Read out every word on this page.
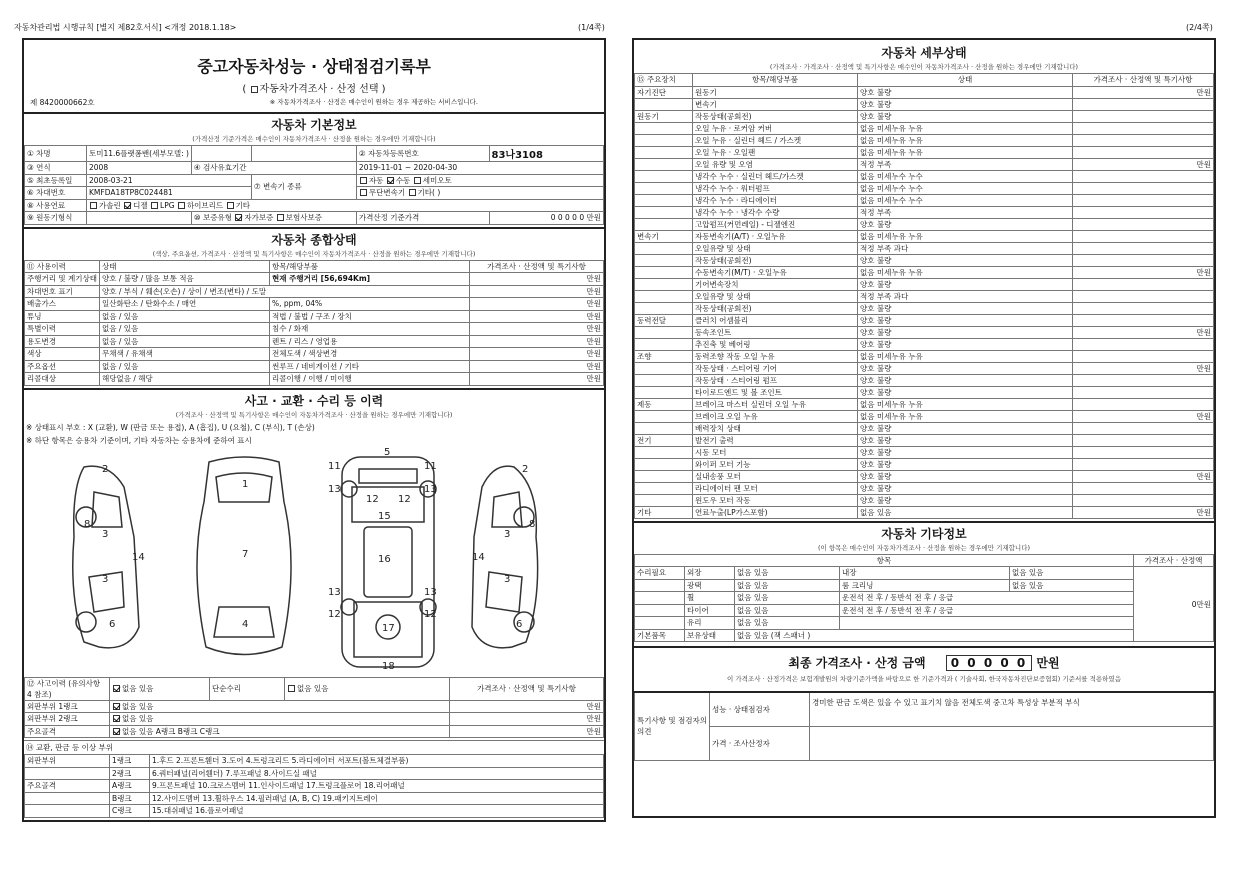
자동차관리법 시행규칙 [별지 제82호서식] <개정 2018.1.18>	(1/4쪽)	(2/4쪽)
중고자동차성능 · 상태점검기록부
( 자동차가격조사 · 산정 선택 )
제 8420000662호	※ 자동차가격조사 · 산정은 매수인이 원하는 경우 제공하는 서비스입니다.
자동차 기본정보
(가격산정 기준가격은 매수인이 자동차가격조사 · 산정을 원하는 경우에만 기재합니다)
① 차명	토미11.6플랫폼밴(세부모델: )			② 자동차등록번호	83나3108
③ 연식	2008	④ 검사유효기간		2019-11-01 ~ 2020-04-30	
⑤ 최초등록일	2008-03-21		⑦ 변속기 종류	자동 수동 세미오토	
⑥ 차대번호	KMFDA18TP8C024481			무단변속기 기타( )	
⑧ 사용연료	가솔린 디젤 LPG 하이브리드 기타				
⑨ 원동기형식		⑩ 보증유형 자가보증 보험사보증		가격산정 기준가격	0 0 0 0 0 만원
자동차 종합상태
(색상, 주요옵션, 가격조사 · 산정액 및 특기사항은 매수인이 자동차가격조사 · 산정을 원하는 경우에만 기재합니다)
⑪ 사용이력	상태	항목/해당부품	가격조사 · 산정액 및 특기사항
주행거리 및 계기상태	양호 / 불량 / 많음 보통 적음	현재 주행거리 [56,694Km]	만원
차대번호 표기	양호 / 부식 / 훼손(오손) / 상이 / 변조(변타) / 도말		만원
배출가스	일산화탄소 / 탄화수소 / 매연	%, ppm, 04%	만원
튜닝	없음 / 있음	적법 / 불법 / 구조 / 장치	만원
특별이력	없음 / 있음	침수 / 화재	만원
용도변경	없음 / 있음	렌트 / 리스 / 영업용	만원
색상	무채색 / 유채색	전체도색 / 색상변경	만원
주요옵션	없음 / 있음	썬루프 / 네비게이션 / 기타	만원
리콜대상	해당없음 / 해당	리콜이행 / 이행 / 미이행	만원
사고 · 교환 · 수리 등 이력
(가격조사 · 산정액 및 특기사항은 매수인이 자동차가격조사 · 산정을 원하는 경우에만 기재합니다)
※ 상태표시 부호 : X (교환), W (판금 또는 용접), A (흠집), U (요철), C (부식), T (손상)
※ 하단 항목은 승용차 기준이며, 기타 자동차는 승용차에 준하여 표시
2
8
3
3
14
6
1
7
4
5
11	11
13	13
12 12
15
16
13	13
12	12
17
18
2
8
3
3
14
6
⑫ 사고이력 (유의사항 4 참조)	없음 있음	단순수리	없음 있음	가격조사 · 산정액 및 특기사항
외판부위 1랭크	없음 있음			만원
외판부위 2랭크	없음 있음			만원
주요골격	없음 있음 A랭크 B랭크 C랭크			만원
⑭ 교환, 판금 등 이상 부위
외판부위	1랭크	1.후드 2.프론트휀더 3.도어 4.트렁크리드 5.라디에이터 서포트(볼트체결부품)
	2랭크	6.쿼터패널(리어휀더) 7.루프패널 8.사이드실 패널
주요골격	A랭크	9.프론트패널 10.크로스멤버 11.인사이드패널 17.트렁크플로어 18.리어패널
	B랭크	12.사이드멤버 13.휠하우스 14.필러패널 (A, B, C) 19.패키지트레이
	C랭크	15.대쉬패널 16.플로어패널
자동차 세부상태
(가격조사 · 가격조사 · 산정액 및 특기사항은 매수인이 자동차가격조사 · 산정을 원하는 경우에만 기재합니다)
⑮ 주요장치	항목/해당부품	상태	가격조사 · 산정액 및 특기사항
자기진단	원동기	양호 불량	만원
	변속기	양호 불량	
원동기	작동상태(공회전)	양호 불량	
	오일 누유 · 로커암 커버	없음 미세누유 누유	
	오일 누유 · 실린더 헤드 / 가스켓	없음 미세누유 누유	
	오일 누유 · 오일팬	없음 미세누유 누유	
	오일 유량 및 오염	적정 부족	만원
	냉각수 누수 · 실린더 헤드/가스켓	없음 미세누수 누수	
	냉각수 누수 · 워터펌프	없음 미세누수 누수	
	냉각수 누수 · 라디에이터	없음 미세누수 누수	
	냉각수 누수 · 냉각수 수량	적정 부족	
	고압펌프(커먼레일) - 디젤엔진	양호 불량	
변속기	자동변속기(A/T) · 오일누유	없음 미세누유 누유	
	오일유량 및 상태	적정 부족 과다	
	작동상태(공회전)	양호 불량	
	수동변속기(M/T) · 오일누유	없음 미세누유 누유	만원
	기어변속장치	양호 불량	
	오일유량 및 상태	적정 부족 과다	
	작동상태(공회전)	양호 불량	
동력전달	클러치 어셈블리	양호 불량	
	등속조인트	양호 불량	만원
	추진축 및 베어링	양호 불량	
조향	동력조향 작동 오일 누유	없음 미세누유 누유	
	작동상태 · 스티어링 기어	양호 불량	만원
	작동상태 · 스티어링 펌프	양호 불량	
	타이로드엔드 및 볼 조인트	양호 불량	
제동	브레이크 마스터 실린더 오일 누유	없음 미세누유 누유	
	브레이크 오일 누유	없음 미세누유 누유	만원
	배력장치 상태	양호 불량	
전기	발전기 출력	양호 불량	
	시동 모터	양호 불량	
	와이퍼 모터 기능	양호 불량	
	실내송풍 모터	양호 불량	만원
	라디에이터 팬 모터	양호 불량	
	윈도우 모터 작동	양호 불량	
기타	연료누출(LP가스포함)	없음 있음	만원
자동차 기타정보
(이 항목은 매수인이 자동차가격조사 · 산정을 원하는 경우에만 기재합니다)
항목					가격조사 · 산정액
수리필요	외장	없음 있음	내장	없음 있음	0만원
	광택	없음 있음	룸 크리닝	없음 있음	
	휠	없음 있음	운전석 전 후 / 동반석 전 후 / 응급		
	타이어	없음 있음	운전석 전 후 / 동반석 전 후 / 응급		
	유리	없음 있음			
기본품목	보유상태	없음 있음 (잭 스패너 )			
최종 가격조사 · 산정 금액 0 0 0 0 0 만원
이 가격조사 · 산정가격은 보험개발원의 차량기준가액을 바탕으로 한 기준가격과 ( 기술사회, 한국자동차진단보증협회) 기준서를 적용하였음
특기사항 및 점검자의 의견	성능 · 상태점검자	경미한 판금 도색은 있을 수 있고 표기치 않음 전체도색 중고차 특성상 부분적 부식
	가격 · 조사산정자	
